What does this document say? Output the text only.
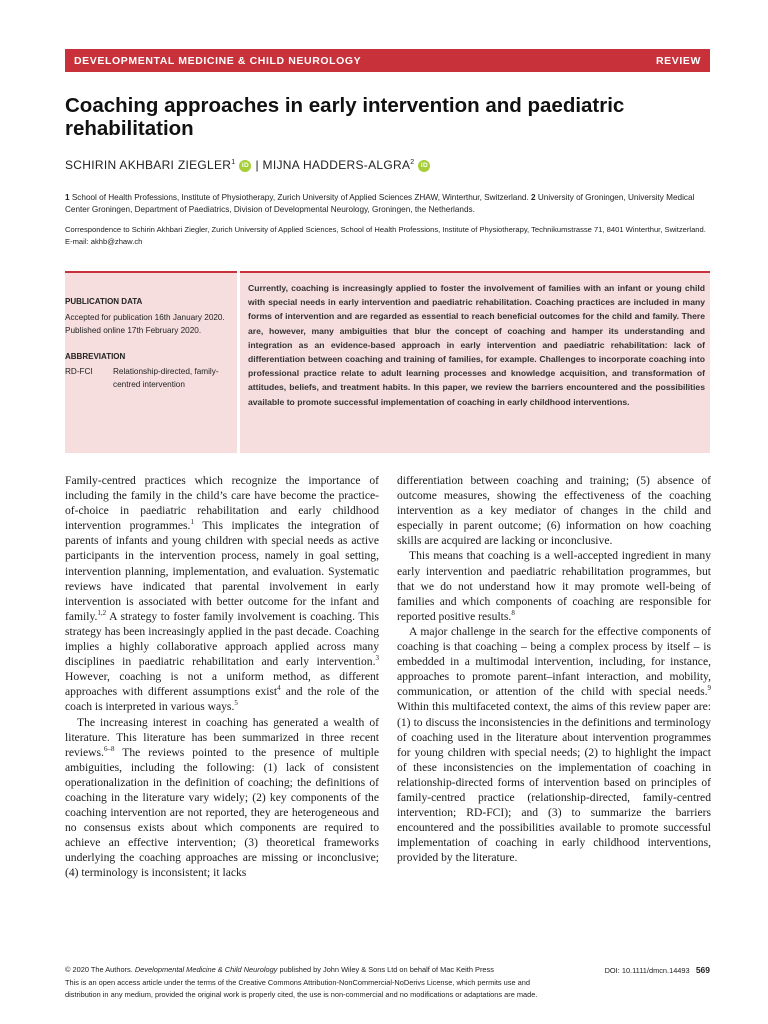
DEVELOPMENTAL MEDICINE & CHILD NEUROLOGY	REVIEW
Coaching approaches in early intervention and paediatric rehabilitation
SCHIRIN AKHBARI ZIEGLER$^1$ iD | MIJNA HADDERS-ALGRA$^2$ iD
1 School of Health Professions, Institute of Physiotherapy, Zurich University of Applied Sciences ZHAW, Winterthur, Switzerland. 2 University of Groningen, University Medical Center Groningen, Department of Paediatrics, Division of Developmental Neurology, Groningen, the Netherlands.
Correspondence to Schirin Akhbari Ziegler, Zurich University of Applied Sciences, School of Health Professions, Institute of Physiotherapy, Technikumstrasse 71, 8401 Winterthur, Switzerland. E-mail: akhb@zhaw.ch
PUBLICATION DATA
Accepted for publication 16th January 2020.
Published online 17th February 2020.
ABBREVIATION
RD-FCI	Relationship-directed, family-centred intervention

Currently, coaching is increasingly applied to foster the involvement of families with an infant or young child with special needs in early intervention and paediatric rehabilitation. Coaching practices are included in many forms of intervention and are regarded as essential to reach beneficial outcomes for the child and family. There are, however, many ambiguities that blur the concept of coaching and hamper its understanding and integration as an evidence-based approach in early intervention and paediatric rehabilitation: lack of differentiation between coaching and training of families, for example. Challenges to incorporate coaching into professional practice relate to adult learning processes and knowledge acquisition, and transformation of attitudes, beliefs, and treatment habits. In this paper, we review the barriers encountered and the possibilities available to promote successful implementation of coaching in early childhood interventions.

Family-centred practices which recognize the importance of including the family in the child’s care have become the practice-of-choice in paediatric rehabilitation and early childhood intervention programmes.$^1$ This implicates the integration of parents of infants and young children with special needs as active participants in the intervention process, namely in goal setting, intervention planning, implementation, and evaluation. Systematic reviews have indicated that parental involvement in early intervention is associated with better outcome for the infant and family.$^{1,2}$ A strategy to foster family involvement is coaching. This strategy has been increasingly applied in the past decade. Coaching implies a highly collaborative approach applied across many disciplines in paediatric rehabilitation and early intervention.$^3$ However, coaching is not a uniform method, as different approaches with different assumptions exist$^4$ and the role of the coach is interpreted in various ways.$^5$

The increasing interest in coaching has generated a wealth of literature. This literature has been summarized in three recent reviews.$^{6-8}$ The reviews pointed to the presence of multiple ambiguities, including the following: (1) lack of consistent operationalization in the definition of coaching; the definitions of coaching in the literature vary widely; (2) key components of the coaching intervention are not reported, they are heterogeneous and no consensus exists about which components are required to achieve an effective intervention; (3) theoretical frameworks underlying the coaching approaches are missing or inconclusive; (4) terminology is inconsistent; it lacks

differentiation between coaching and training; (5) absence of outcome measures, showing the effectiveness of the coaching intervention as a key mediator of changes in the child and especially in parent outcome; (6) information on how coaching skills are acquired are lacking or inconclusive.

This means that coaching is a well-accepted ingredient in many early intervention and paediatric rehabilitation programmes, but that we do not understand how it may promote well-being of families and which components of coaching are responsible for reported positive results.$^8$

A major challenge in the search for the effective components of coaching is that coaching – being a complex process by itself – is embedded in a multimodal intervention, including, for instance, approaches to promote parent–infant interaction, and mobility, communication, or attention of the child with special needs.$^9$ Within this multifaceted context, the aims of this review paper are: (1) to discuss the inconsistencies in the definitions and terminology of coaching used in the literature about intervention programmes for young children with special needs; (2) to highlight the impact of these inconsistencies on the implementation of coaching in relationship-directed forms of intervention based on principles of family-centred practice (relationship-directed, family-centred intervention; RD-FCI); and (3) to summarize the barriers encountered and the possibilities available to promote successful implementation of coaching in early childhood interventions, provided by the literature.

© 2020 The Authors. Developmental Medicine & Child Neurology published by John Wiley & Sons Ltd on behalf of Mac Keith Press	DOI: 10.1111/dmcn.14493 569
This is an open access article under the terms of the Creative Commons Attribution-NonCommercial-NoDerivs License, which permits use and
distribution in any medium, provided the original work is properly cited, the use is non-commercial and no modifications or adaptations are made.
